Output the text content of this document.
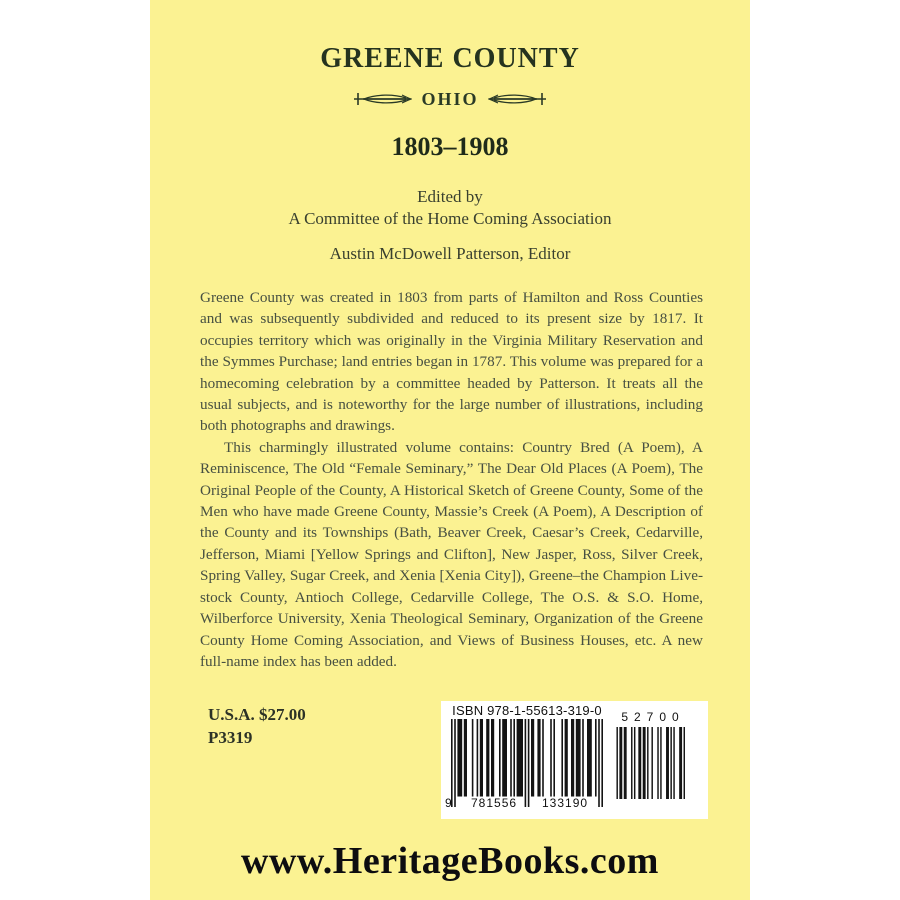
GREENE COUNTY
OHIO
1803–1908
Edited by
A Committee of the Home Coming Association
Austin McDowell Patterson, Editor

Greene County was created in 1803 from parts of Hamilton and Ross Counties and was subsequently subdivided and reduced to its present size by 1817. It occupies territory which was originally in the Virginia Military Reservation and the Symmes Purchase; land entries began in 1787. This volume was prepared for a homecoming celebration by a committee headed by Patterson. It treats all the usual subjects, and is noteworthy for the large number of illustrations, including both photographs and drawings.

This charmingly illustrated volume contains: Country Bred (A Poem), A Reminiscence, The Old “Female Seminary,” The Dear Old Places (A Poem), The Original People of the County, A Historical Sketch of Greene County, Some of the Men who have made Greene County, Massie’s Creek (A Poem), A Description of the County and its Townships (Bath, Beaver Creek, Caesar’s Creek, Cedarville, Jefferson, Miami [Yellow Springs and Clifton], New Jasper, Ross, Silver Creek, Spring Valley, Sugar Creek, and Xenia [Xenia City]), Greene–the Champion Live-stock County, Antioch College, Cedarville College, The O.S. & S.O. Home, Wilberforce University, Xenia Theological Seminary, Organization of the Greene County Home Coming Association, and Views of Business Houses, etc. A new full-name index has been added.

U.S.A. $27.00
P3319
ISBN 978-1-55613-319-0
9 781556 133190
52700
www.HeritageBooks.com
